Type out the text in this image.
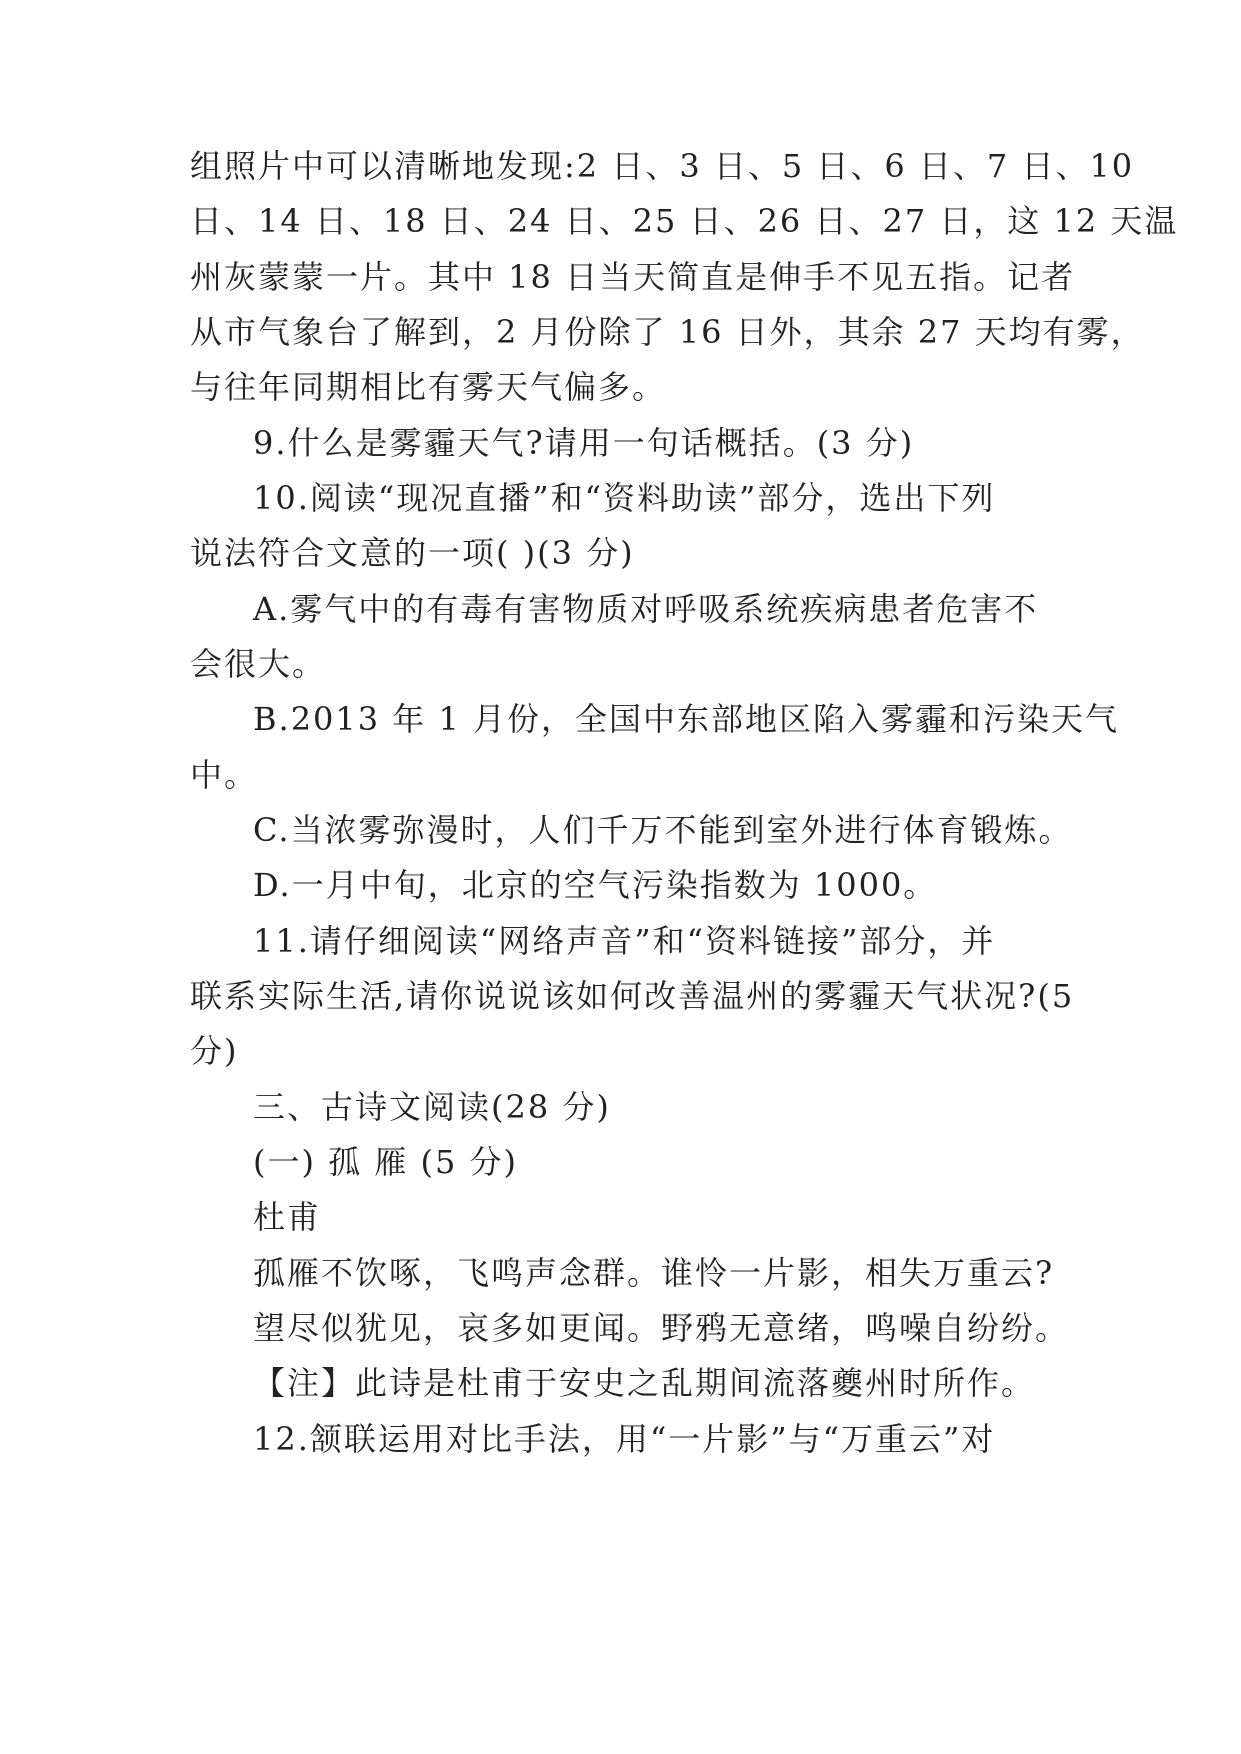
组照片中可以清晰地发现:2 日、3 日、5 日、6 日、7 日、10
日、14 日、18 日、24 日、25 日、26 日、27 日，这 12 天温
州灰蒙蒙一片。其中 18 日当天简直是伸手不见五指。记者
从市气象台了解到，2 月份除了 16 日外，其余 27 天均有雾，
与往年同期相比有雾天气偏多。
9.什么是雾霾天气?请用一句话概括。(3 分)
10.阅读“现况直播”和“资料助读”部分，选出下列
说法符合文意的一项( )(3 分)
A.雾气中的有毒有害物质对呼吸系统疾病患者危害不
会很大。
B.2013 年 1 月份，全国中东部地区陷入雾霾和污染天气
中。
C.当浓雾弥漫时，人们千万不能到室外进行体育锻炼。
D.一月中旬，北京的空气污染指数为 1000。
11.请仔细阅读“网络声音”和“资料链接”部分，并
联系实际生活,请你说说该如何改善温州的雾霾天气状况?(5
分)
三、古诗文阅读(28 分)
(一) 孤 雁 (5 分)
杜甫
孤雁不饮啄，飞鸣声念群。谁怜一片影，相失万重云?
望尽似犹见，哀多如更闻。野鸦无意绪，鸣噪自纷纷。
【注】此诗是杜甫于安史之乱期间流落夔州时所作。
12.颔联运用对比手法，用“一片影”与“万重云”对
